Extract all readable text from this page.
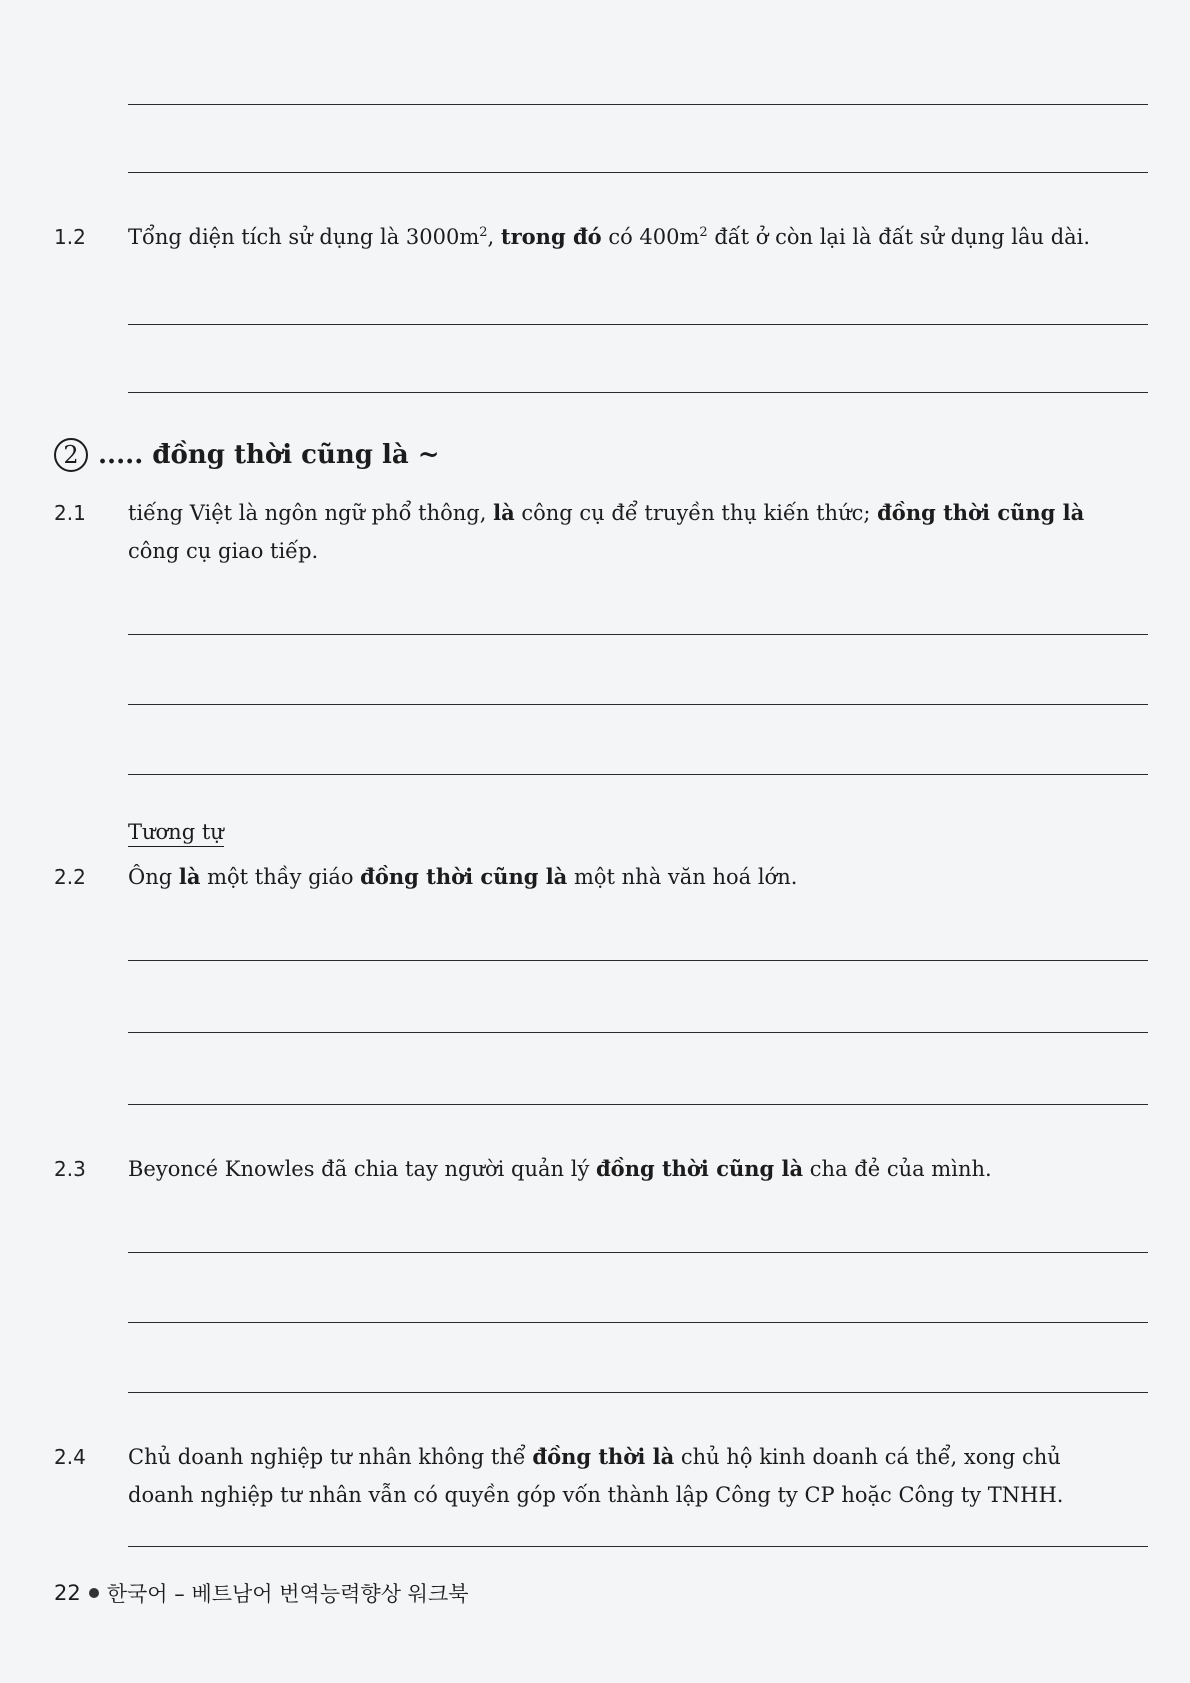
1.2 Tổng diện tích sử dụng là $3000m^2$, trong đó có $400m^2$ đất ở còn lại là đất sử dụng lâu dài.
2 ..... đồng thời cũng là ~
2.1 tiếng Việt là ngôn ngữ phổ thông, là công cụ để truyền thụ kiến thức; đồng thời cũng là công cụ giao tiếp.
Tương tự
2.2 Ông là một thầy giáo đồng thời cũng là một nhà văn hoá lớn.
2.3 Beyoncé Knowles đã chia tay người quản lý đồng thời cũng là cha đẻ của mình.
2.4 Chủ doanh nghiệp tư nhân không thể đồng thời là chủ hộ kinh doanh cá thể, xong chủ doanh nghiệp tư nhân vẫn có quyền góp vốn thành lập Công ty CP hoặc Công ty TNHH.
22 한국어 – 베트남어 번역능력향상 워크북
